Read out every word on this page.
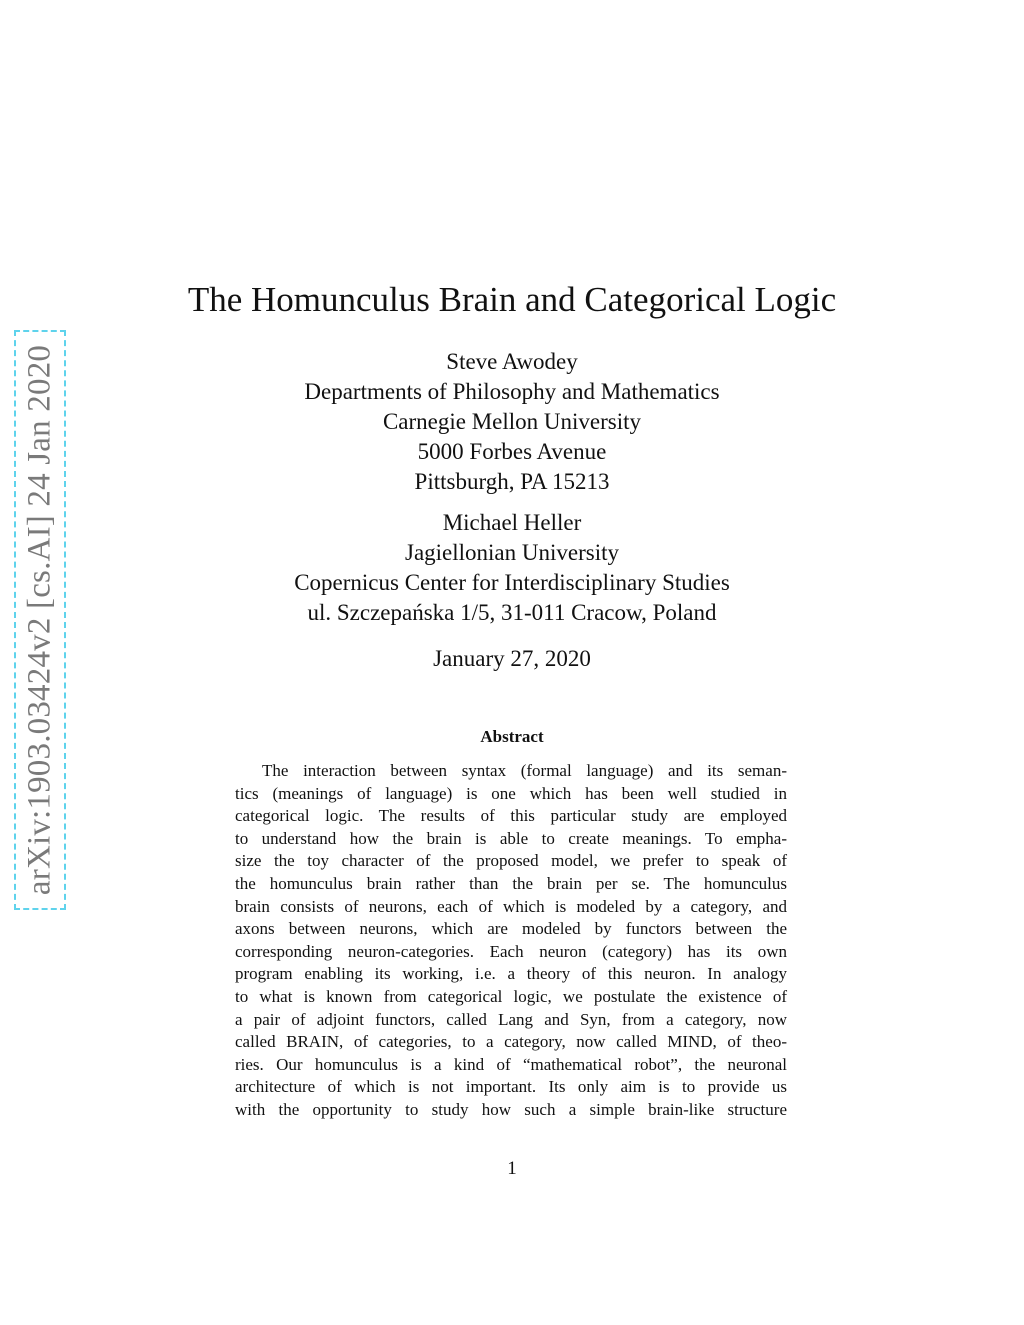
arXiv:1903.03424v2 [cs.AI] 24 Jan 2020
The Homunculus Brain and Categorical Logic
Steve Awodey
Departments of Philosophy and Mathematics
Carnegie Mellon University
5000 Forbes Avenue
Pittsburgh, PA 15213
Michael Heller
Jagiellonian University
Copernicus Center for Interdisciplinary Studies
ul. Szczepańska 1/5, 31-011 Cracow, Poland
January 27, 2020
Abstract
The interaction between syntax (formal language) and its seman-
tics (meanings of language) is one which has been well studied in
categorical logic. The results of this particular study are employed
to understand how the brain is able to create meanings. To empha-
size the toy character of the proposed model, we prefer to speak of
the homunculus brain rather than the brain per se. The homunculus
brain consists of neurons, each of which is modeled by a category, and
axons between neurons, which are modeled by functors between the
corresponding neuron-categories. Each neuron (category) has its own
program enabling its working, i.e. a theory of this neuron. In analogy
to what is known from categorical logic, we postulate the existence of
a pair of adjoint functors, called Lang and Syn, from a category, now
called BRAIN, of categories, to a category, now called MIND, of theo-
ries. Our homunculus is a kind of “mathematical robot”, the neuronal
architecture of which is not important. Its only aim is to provide us
with the opportunity to study how such a simple brain-like structure
1
